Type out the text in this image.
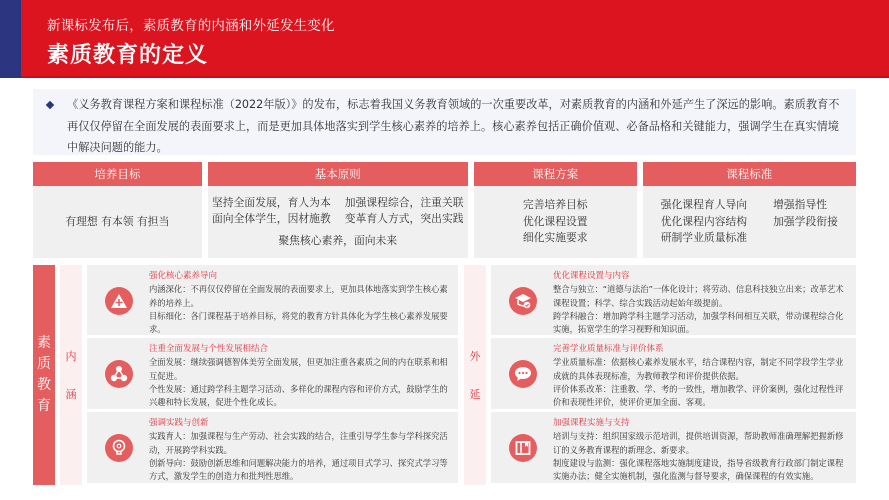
新课标发布后，素质教育的内涵和外延发生变化
素质教育的定义
《义务教育课程方案和课程标准（2022年版）》的发布，标志着我国义务教育领域的一次重要改革，对素质教育的内涵和外延产生了深远的影响。素质教育不再仅仅停留在全面发展的表面要求上，而是更加具体地落实到学生核心素养的培养上。核心素养包括正确价值观、必备品格和关键能力，强调学生在真实情境中解决问题的能力。
培养目标
有理想 有本领 有担当
基本原则
坚持全面发展，育人为本 加强课程综合，注重关联
面向全体学生，因材施教 变革育人方式，突出实践
聚焦核心素养，面向未来
课程方案
完善培养目标
优化课程设置
细化实施要求
课程标准
强化课程育人导向 增强指导性
优化课程内容结构 加强学段衔接
研制学业质量标准
素
质
教
育
内
涵
外
延
强化核心素养导向
内涵深化：不再仅仅停留在全面发展的表面要求上，更加具体地落实到学生核心素养的培养上。
目标细化：各门课程基于培养目标，将党的教育方针具体化为学生核心素养发展要求。
注重全面发展与个性发展相结合
全面发展：继续强调德智体美劳全面发展，但更加注重各素质之间的内在联系和相互促进。
个性发展：通过跨学科主题学习活动、多样化的课程内容和评价方式，鼓励学生的兴趣和特长发展，促进个性化成长。
强调实践与创新
实践育人：加强课程与生产劳动、社会实践的结合，注重引导学生参与学科探究活动，开展跨学科实践。
创新导向：鼓励创新思维和问题解决能力的培养，通过项目式学习、探究式学习等方式，激发学生的创造力和批判性思维。
优化课程设置与内容
整合与独立：“道德与法治”一体化设计；将劳动、信息科技独立出来；改革艺术课程设置；科学、综合实践活动起始年级提前。
跨学科融合：增加跨学科主题学习活动，加强学科间相互关联，带动课程综合化实施，拓宽学生的学习视野和知识面。
完善学业质量标准与评价体系
学业质量标准：依据核心素养发展水平，结合课程内容，制定不同学段学生学业成就的具体表现标准，为教师教学和评价提供依据。
评价体系改革：注重教、学、考的一致性，增加教学、评价案例，强化过程性评价和表现性评价，使评价更加全面、客观。
加强课程实施与支持
培训与支持：组织国家级示范培训，提供培训资源，帮助教师准确理解把握新修订的义务教育课程的新理念、新要求。
制度建设与监测：强化课程落地实施制度建设，指导省级教育行政部门制定课程实施办法；健全实施机制，强化监测与督导要求，确保课程的有效实施。
